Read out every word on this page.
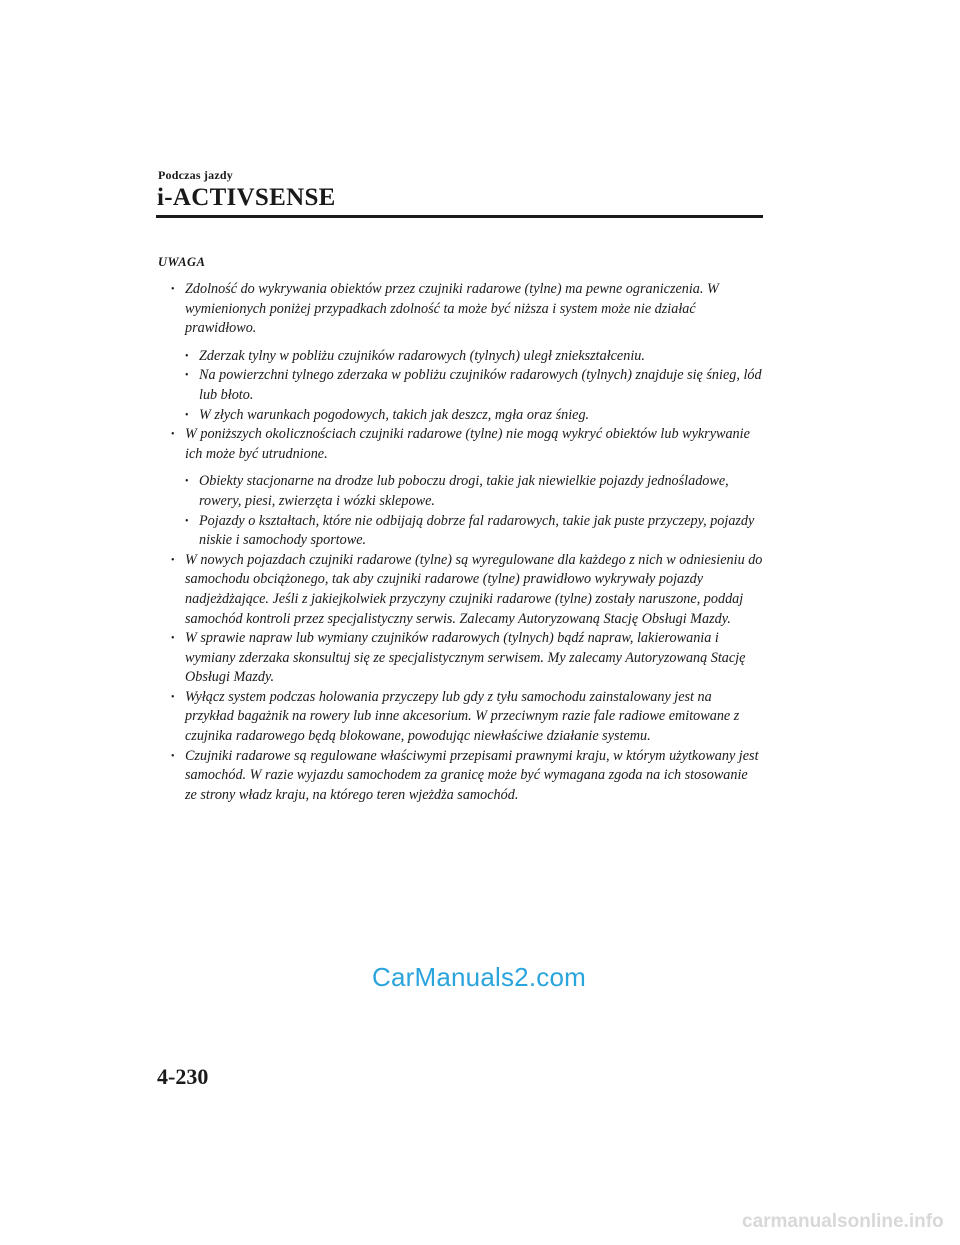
Podczas jazdy
i-ACTIVSENSE
UWAGA

• Zdolność do wykrywania obiektów przez czujniki radarowe (tylne) ma pewne ograniczenia. W wymienionych poniżej przypadkach zdolność ta może być niższa i system może nie działać prawidłowo.

• Zderzak tylny w pobliżu czujników radarowych (tylnych) uległ zniekształceniu.

• Na powierzchni tylnego zderzaka w pobliżu czujników radarowych (tylnych) znajduje się śnieg, lód lub błoto.

• W złych warunkach pogodowych, takich jak deszcz, mgła oraz śnieg.

• W poniższych okolicznościach czujniki radarowe (tylne) nie mogą wykryć obiektów lub wykrywanie ich może być utrudnione.

• Obiekty stacjonarne na drodze lub poboczu drogi, takie jak niewielkie pojazdy jednośladowe, rowery, piesi, zwierzęta i wózki sklepowe.

• Pojazdy o kształtach, które nie odbijają dobrze fal radarowych, takie jak puste przyczepy, pojazdy niskie i samochody sportowe.

• W nowych pojazdach czujniki radarowe (tylne) są wyregulowane dla każdego z nich w odniesieniu do samochodu obciążonego, tak aby czujniki radarowe (tylne) prawidłowo wykrywały pojazdy nadjeżdżające. Jeśli z jakiejkolwiek przyczyny czujniki radarowe (tylne) zostały naruszone, poddaj samochód kontroli przez specjalistyczny serwis. Zalecamy Autoryzowaną Stację Obsługi Mazdy.

• W sprawie napraw lub wymiany czujników radarowych (tylnych) bądź napraw, lakierowania i wymiany zderzaka skonsultuj się ze specjalistycznym serwisem. My zalecamy Autoryzowaną Stację Obsługi Mazdy.

• Wyłącz system podczas holowania przyczepy lub gdy z tyłu samochodu zainstalowany jest na przykład bagażnik na rowery lub inne akcesorium. W przeciwnym razie fale radiowe emitowane z czujnika radarowego będą blokowane, powodując niewłaściwe działanie systemu.

• Czujniki radarowe są regulowane właściwymi przepisami prawnymi kraju, w którym użytkowany jest samochód. W razie wyjazdu samochodem za granicę może być wymagana zgoda na ich stosowanie ze strony władz kraju, na którego teren wjeżdża samochód.

CarManuals2.com
4-230
carmanualsonline.info
